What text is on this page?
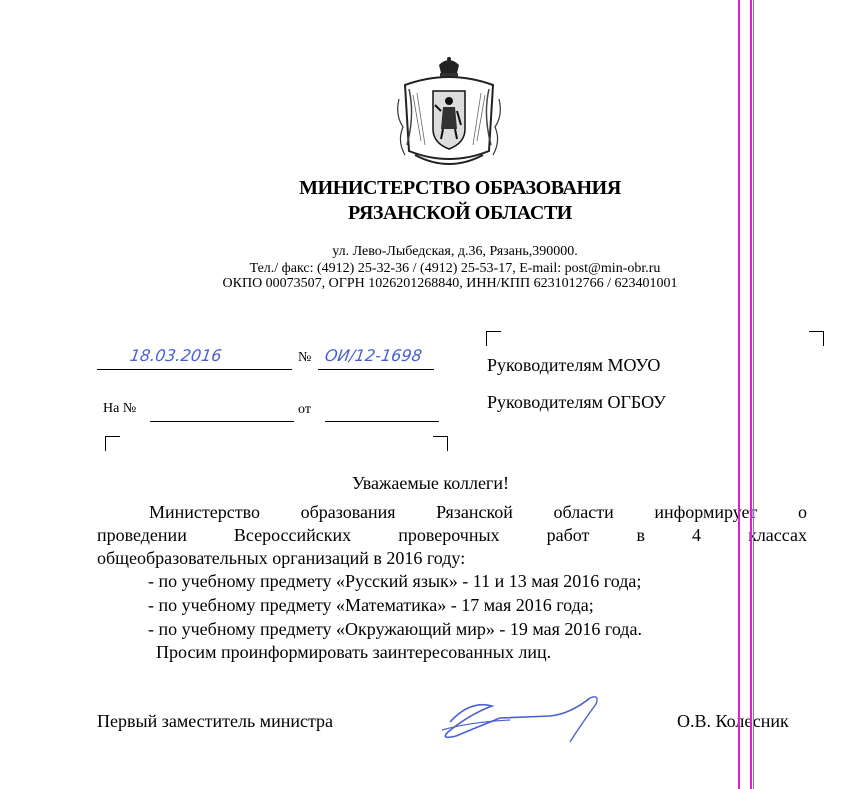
МИНИСТЕРСТВО ОБРАЗОВАНИЯ
РЯЗАНСКОЙ ОБЛАСТИ
ул. Лево-Лыбедская, д.36, Рязань,390000.
Тел./ факс: (4912) 25-32-36 / (4912) 25-53-17, E-mail: post@min-obr.ru
ОКПО 00073507, ОГРН 1026201268840, ИНН/КПП 6231012766 / 623401001
18.03.2016	№ ОИ/12-1698
На №	от
Руководителям МОУО
Руководителям ОГБОУ
Уважаемые коллеги!
Министерство образования Рязанской области информирует о
проведении Всероссийских проверочных работ в 4 классах
общеобразовательных организаций в 2016 году:
- по учебному предмету «Русский язык» - 11 и 13 мая 2016 года;
- по учебному предмету «Математика» - 17 мая 2016 года;
- по учебному предмету «Окружающий мир» - 19 мая 2016 года.
Просим проинформировать заинтересованных лиц.
Первый заместитель министра	О.В. Колесник
